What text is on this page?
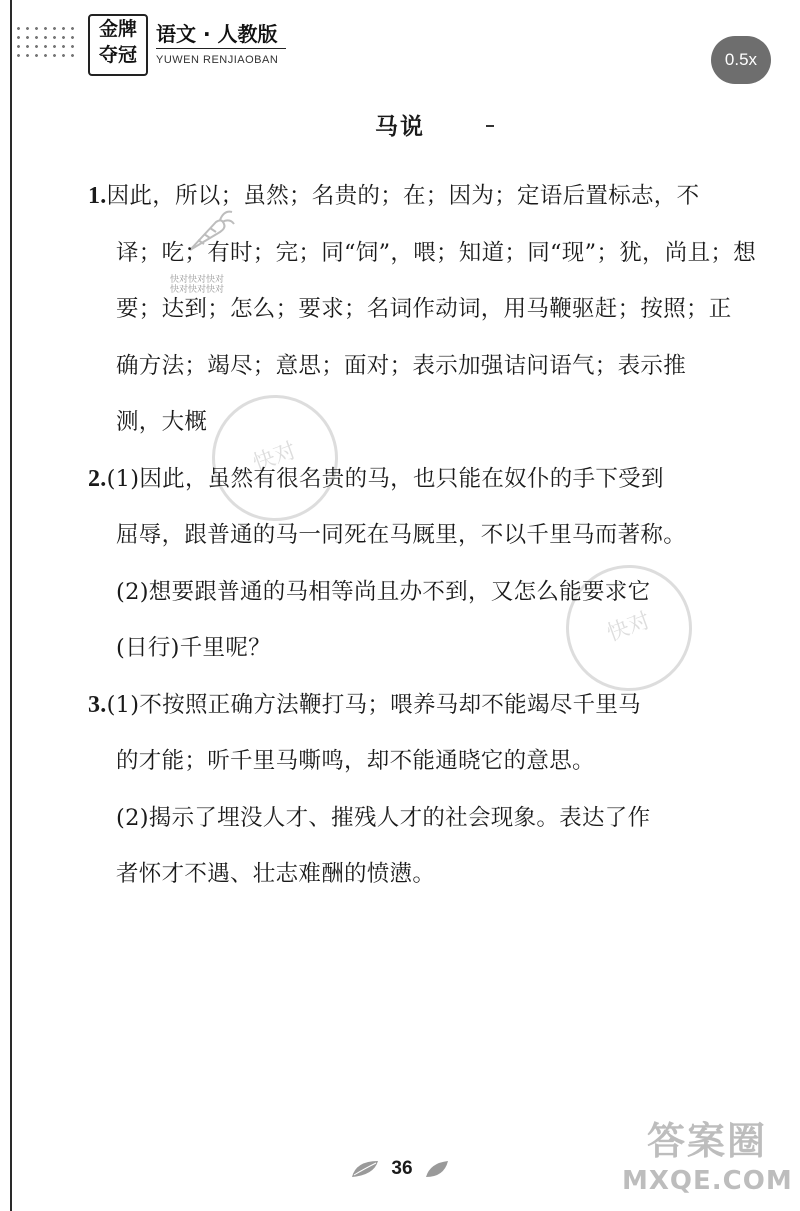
金牌
夺冠
语文 · 人教版
YUWEN RENJIAOBAN	0.5x
马说
快对快对快对
快对快对快对
快对
快对
1.因此，所以；虽然；名贵的；在；因为；定语后置标志，不
译；吃；有时；完；同“饲”，喂；知道；同“现”；犹，尚且；想
要；达到；怎么；要求；名词作动词，用马鞭驱赶；按照；正
确方法；竭尽；意思；面对；表示加强诘问语气；表示推
测，大概
2.(1)因此，虽然有很名贵的马，也只能在奴仆的手下受到
屈辱，跟普通的马一同死在马厩里，不以千里马而著称。
(2)想要跟普通的马相等尚且办不到，又怎么能要求它
(日行)千里呢？
3.(1)不按照正确方法鞭打马；喂养马却不能竭尽千里马
的才能；听千里马嘶鸣，却不能通晓它的意思。
(2)揭示了埋没人才、摧残人才的社会现象。表达了作
者怀才不遇、壮志难酬的愤懑。
36
答案圈
MXQE.COM
